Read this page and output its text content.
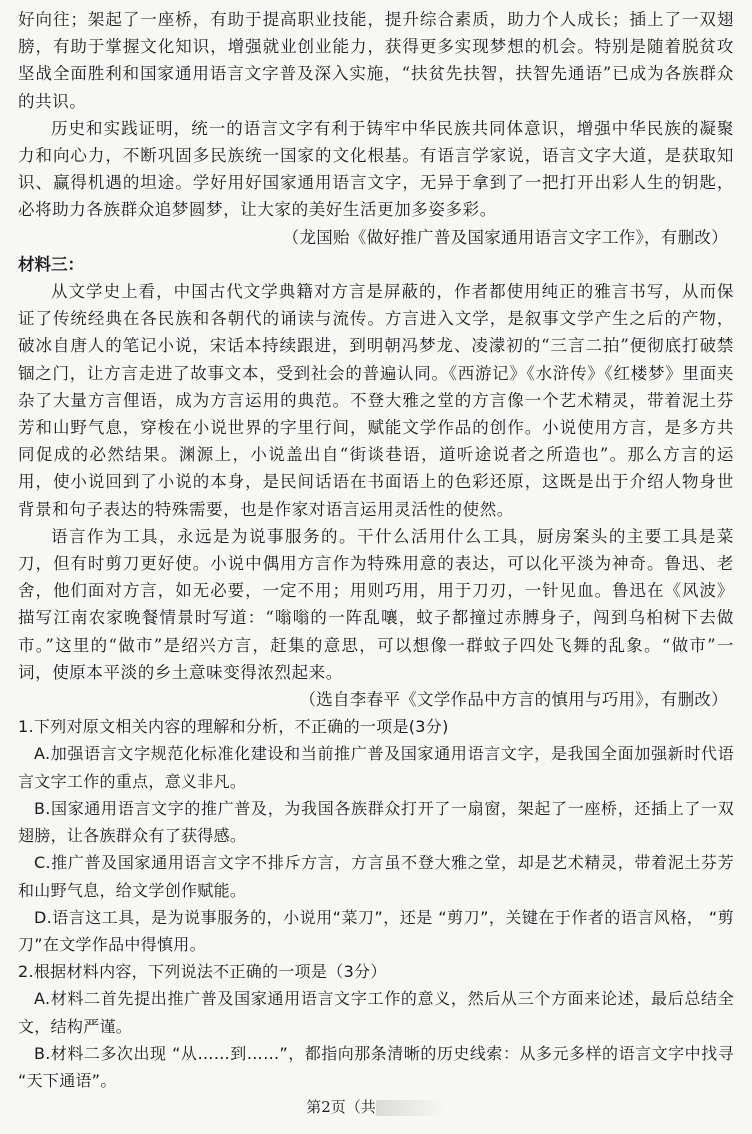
好向往；架起了一座桥，有助于提高职业技能，提升综合素质，助力个人成长；插上了一双翅膀，有助于掌握文化知识，增强就业创业能力，获得更多实现梦想的机会。特别是随着脱贫攻坚战全面胜利和国家通用语言文字普及深入实施，“扶贫先扶智，扶智先通语”已成为各族群众的共识。

历史和实践证明，统一的语言文字有利于铸牢中华民族共同体意识，增强中华民族的凝聚力和向心力，不断巩固多民族统一国家的文化根基。有语言学家说，语言文字大道，是获取知识、赢得机遇的坦途。学好用好国家通用语言文字，无异于拿到了一把打开出彩人生的钥匙，必将助力各族群众追梦圆梦，让大家的美好生活更加多姿多彩。

（龙国贻《做好推广普及国家通用语言文字工作》，有删改）

材料三：

从文学史上看，中国古代文学典籍对方言是屏蔽的，作者都使用纯正的雅言书写，从而保证了传统经典在各民族和各朝代的诵读与流传。方言进入文学，是叙事文学产生之后的产物，破冰自唐人的笔记小说，宋话本持续跟进，到明朝冯梦龙、凌濛初的“三言二拍”便彻底打破禁锢之门，让方言走进了故事文本，受到社会的普遍认同。《西游记》《水浒传》《红楼梦》里面夹杂了大量方言俚语，成为方言运用的典范。不登大雅之堂的方言像一个艺术精灵，带着泥土芬芳和山野气息，穿梭在小说世界的字里行间，赋能文学作品的创作。小说使用方言，是多方共同促成的必然结果。渊源上，小说盖出自“街谈巷语，道听途说者之所造也”。那么方言的运用，使小说回到了小说的本身，是民间话语在书面语上的色彩还原，这既是出于介绍人物身世背景和句子表达的特殊需要，也是作家对语言运用灵活性的使然。

语言作为工具，永远是为说事服务的。干什么活用什么工具，厨房案头的主要工具是菜刀，但有时剪刀更好使。小说中偶用方言作为特殊用意的表达，可以化平淡为神奇。鲁迅、老舍，他们面对方言，如无必要，一定不用；用则巧用，用于刀刃，一针见血。鲁迅在《风波》描写江南农家晚餐情景时写道：“嗡嗡的一阵乱嚷，蚊子都撞过赤膊身子，闯到乌桕树下去做市。”这里的“做市”是绍兴方言，赶集的意思，可以想像一群蚊子四处飞舞的乱象。“做市”一词，使原本平淡的乡土意味变得浓烈起来。

（选自李春平《文学作品中方言的慎用与巧用》，有删改）

1.下列对原文相关内容的理解和分析，不正确的一项是(3分)

A.加强语言文字规范化标准化建设和当前推广普及国家通用语言文字，是我国全面加强新时代语言文字工作的重点，意义非凡。

B.国家通用语言文字的推广普及，为我国各族群众打开了一扇窗，架起了一座桥，还插上了一双翅膀，让各族群众有了获得感。

C.推广普及国家通用语言文字不排斥方言，方言虽不登大雅之堂，却是艺术精灵，带着泥土芬芳和山野气息，给文学创作赋能。

D.语言这工具，是为说事服务的，小说用“菜刀”，还是 “剪刀”，关键在于作者的语言风格， “剪刀”在文学作品中得慎用。

2.根据材料内容，下列说法不正确的一项是（3分）

A.材料二首先提出推广普及国家通用语言文字工作的意义，然后从三个方面来论述，最后总结全文，结构严谨。

B.材料二多次出现 “从……到……”，都指向那条清晰的历史线索：从多元多样的语言文字中找寻 “天下通语”。

第2页（共
